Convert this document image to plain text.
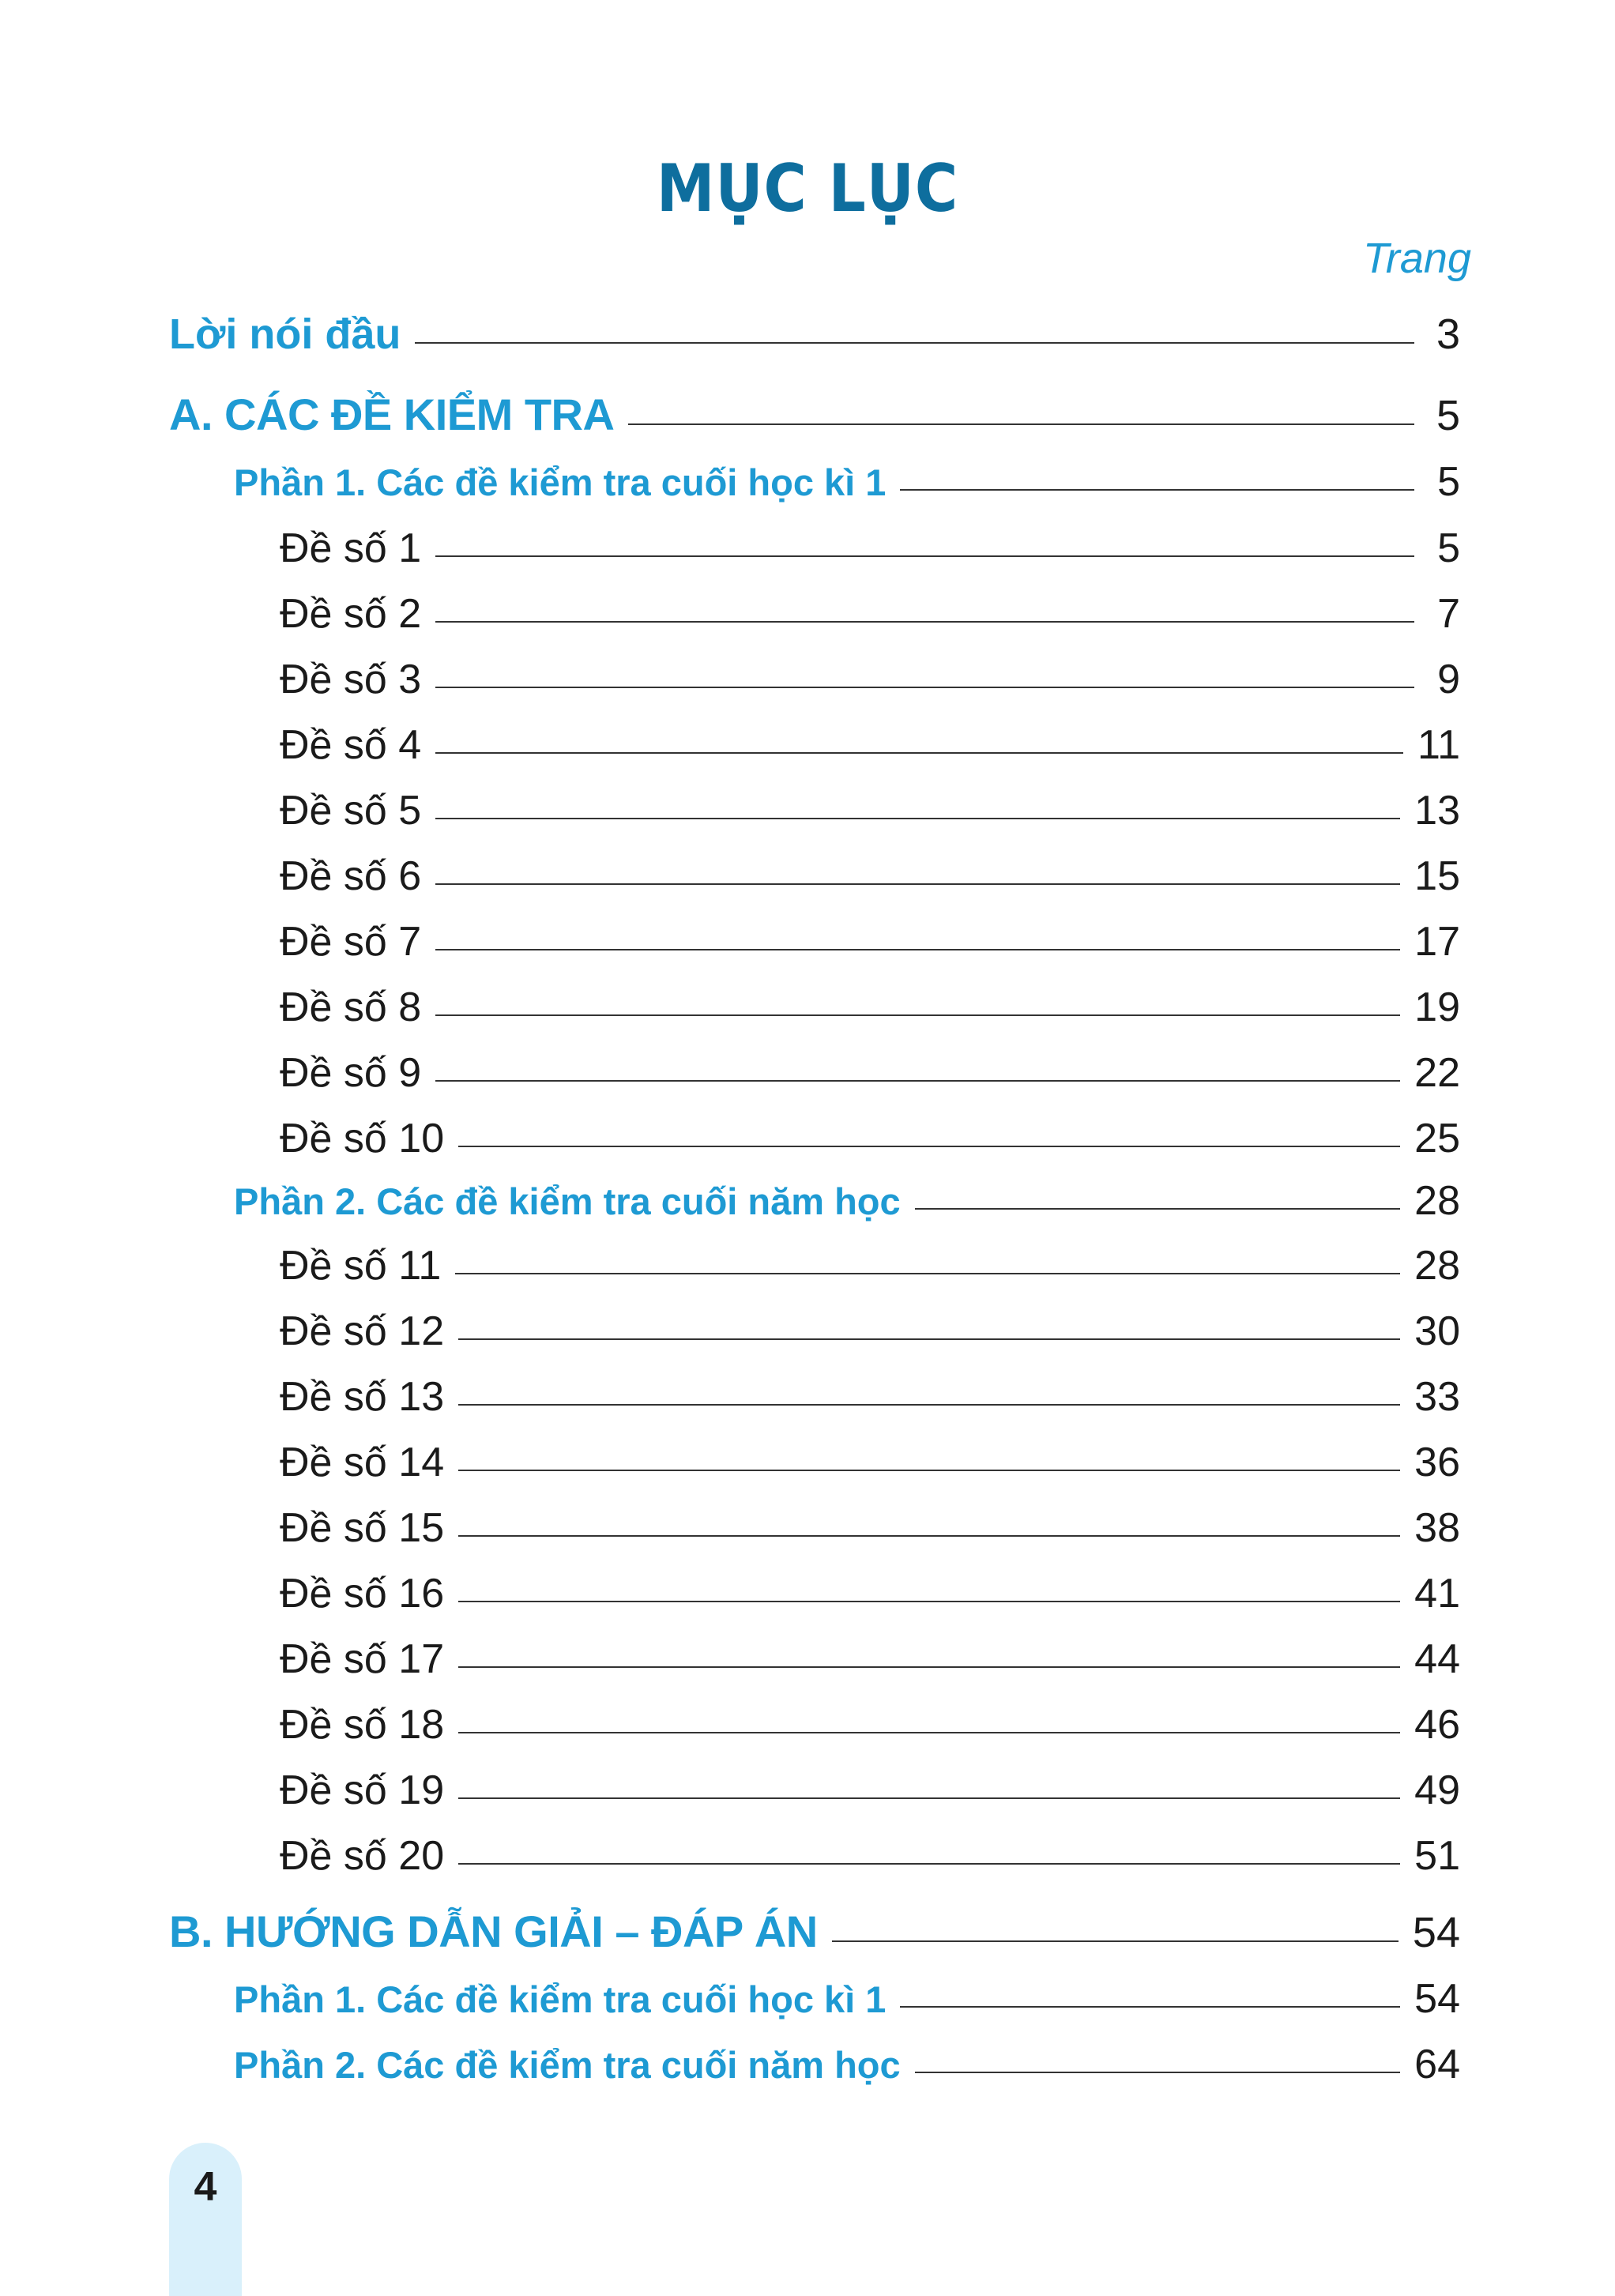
MỤC LỤC
Trang
Lời nói đầu	3
A. CÁC ĐỀ KIỂM TRA	5
Phần 1. Các đề kiểm tra cuối học kì 1	5
Đề số 1	5
Đề số 2	7
Đề số 3	9
Đề số 4	11
Đề số 5	13
Đề số 6	15
Đề số 7	17
Đề số 8	19
Đề số 9	22
Đề số 10	25
Phần 2. Các đề kiểm tra cuối năm học	28
Đề số 11	28
Đề số 12	30
Đề số 13	33
Đề số 14	36
Đề số 15	38
Đề số 16	41
Đề số 17	44
Đề số 18	46
Đề số 19	49
Đề số 20	51
B. HƯỚNG DẪN GIẢI – ĐÁP ÁN	54
Phần 1. Các đề kiểm tra cuối học kì 1	54
Phần 2. Các đề kiểm tra cuối năm học	64
4
